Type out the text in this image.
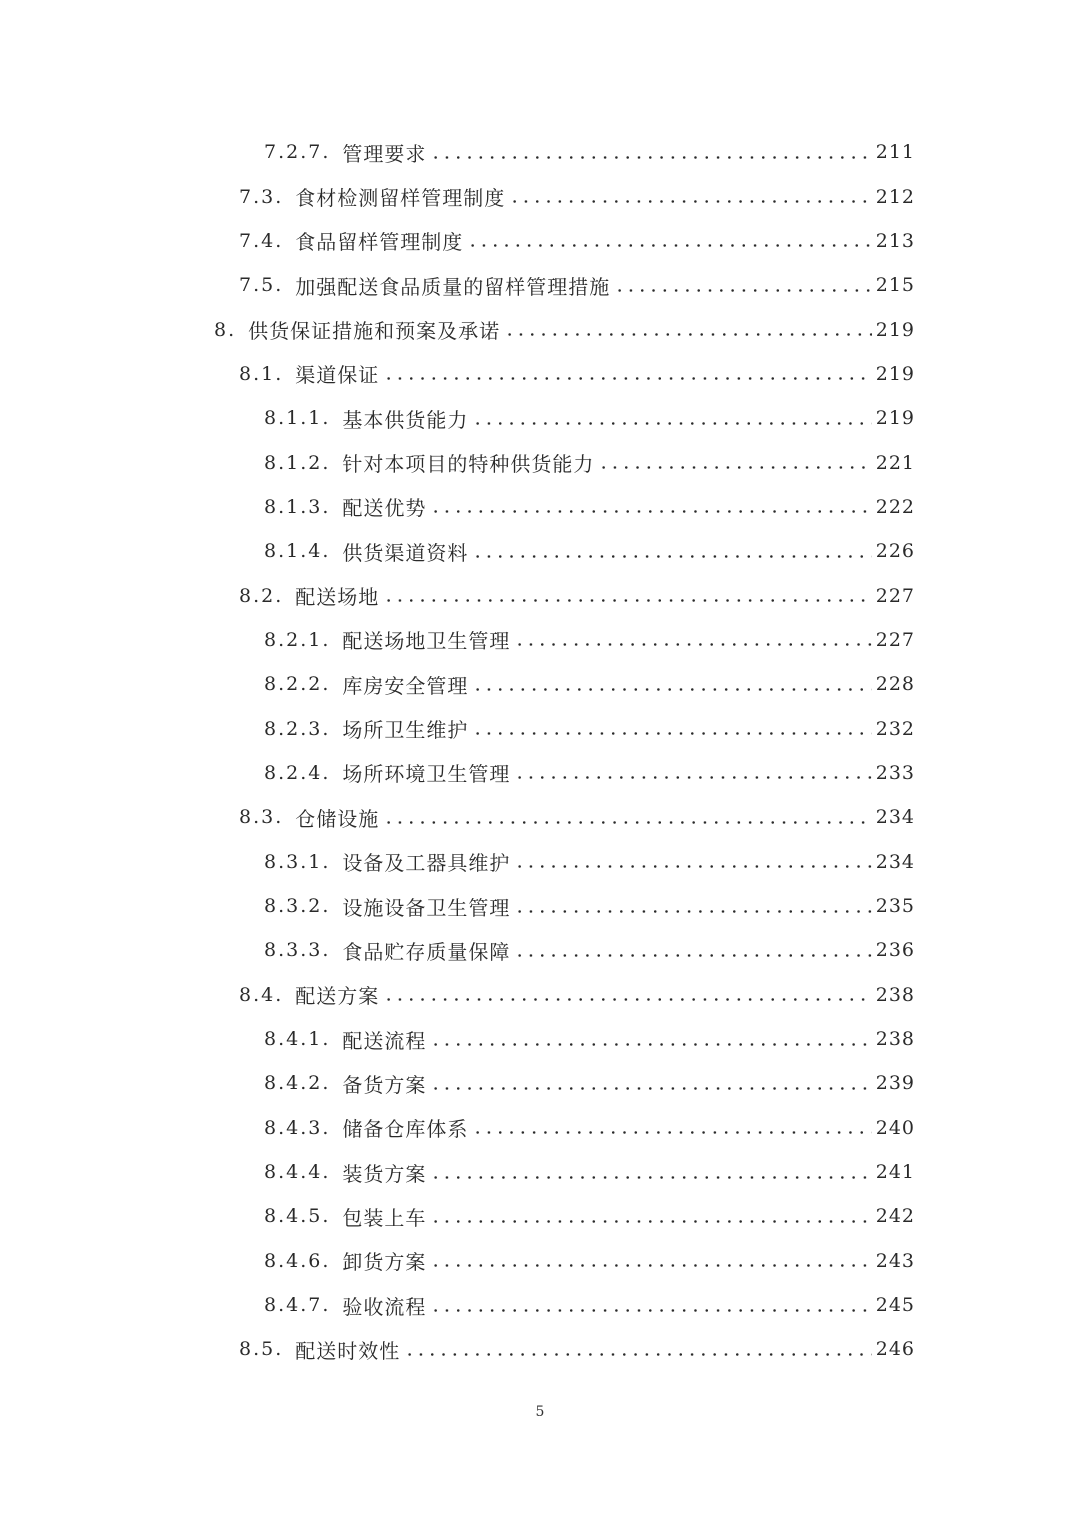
7.2.7. 管理要求	211
7.3. 食材检测留样管理制度	212
7.4. 食品留样管理制度	213
7.5. 加强配送食品质量的留样管理措施	215
8. 供货保证措施和预案及承诺	219
8.1. 渠道保证	219
8.1.1. 基本供货能力	219
8.1.2. 针对本项目的特种供货能力	221
8.1.3. 配送优势	222
8.1.4. 供货渠道资料	226
8.2. 配送场地	227
8.2.1. 配送场地卫生管理	227
8.2.2. 库房安全管理	228
8.2.3. 场所卫生维护	232
8.2.4. 场所环境卫生管理	233
8.3. 仓储设施	234
8.3.1. 设备及工器具维护	234
8.3.2. 设施设备卫生管理	235
8.3.3. 食品贮存质量保障	236
8.4. 配送方案	238
8.4.1. 配送流程	238
8.4.2. 备货方案	239
8.4.3. 储备仓库体系	240
8.4.4. 装货方案	241
8.4.5. 包装上车	242
8.4.6. 卸货方案	243
8.4.7. 验收流程	245
8.5. 配送时效性	246
5
